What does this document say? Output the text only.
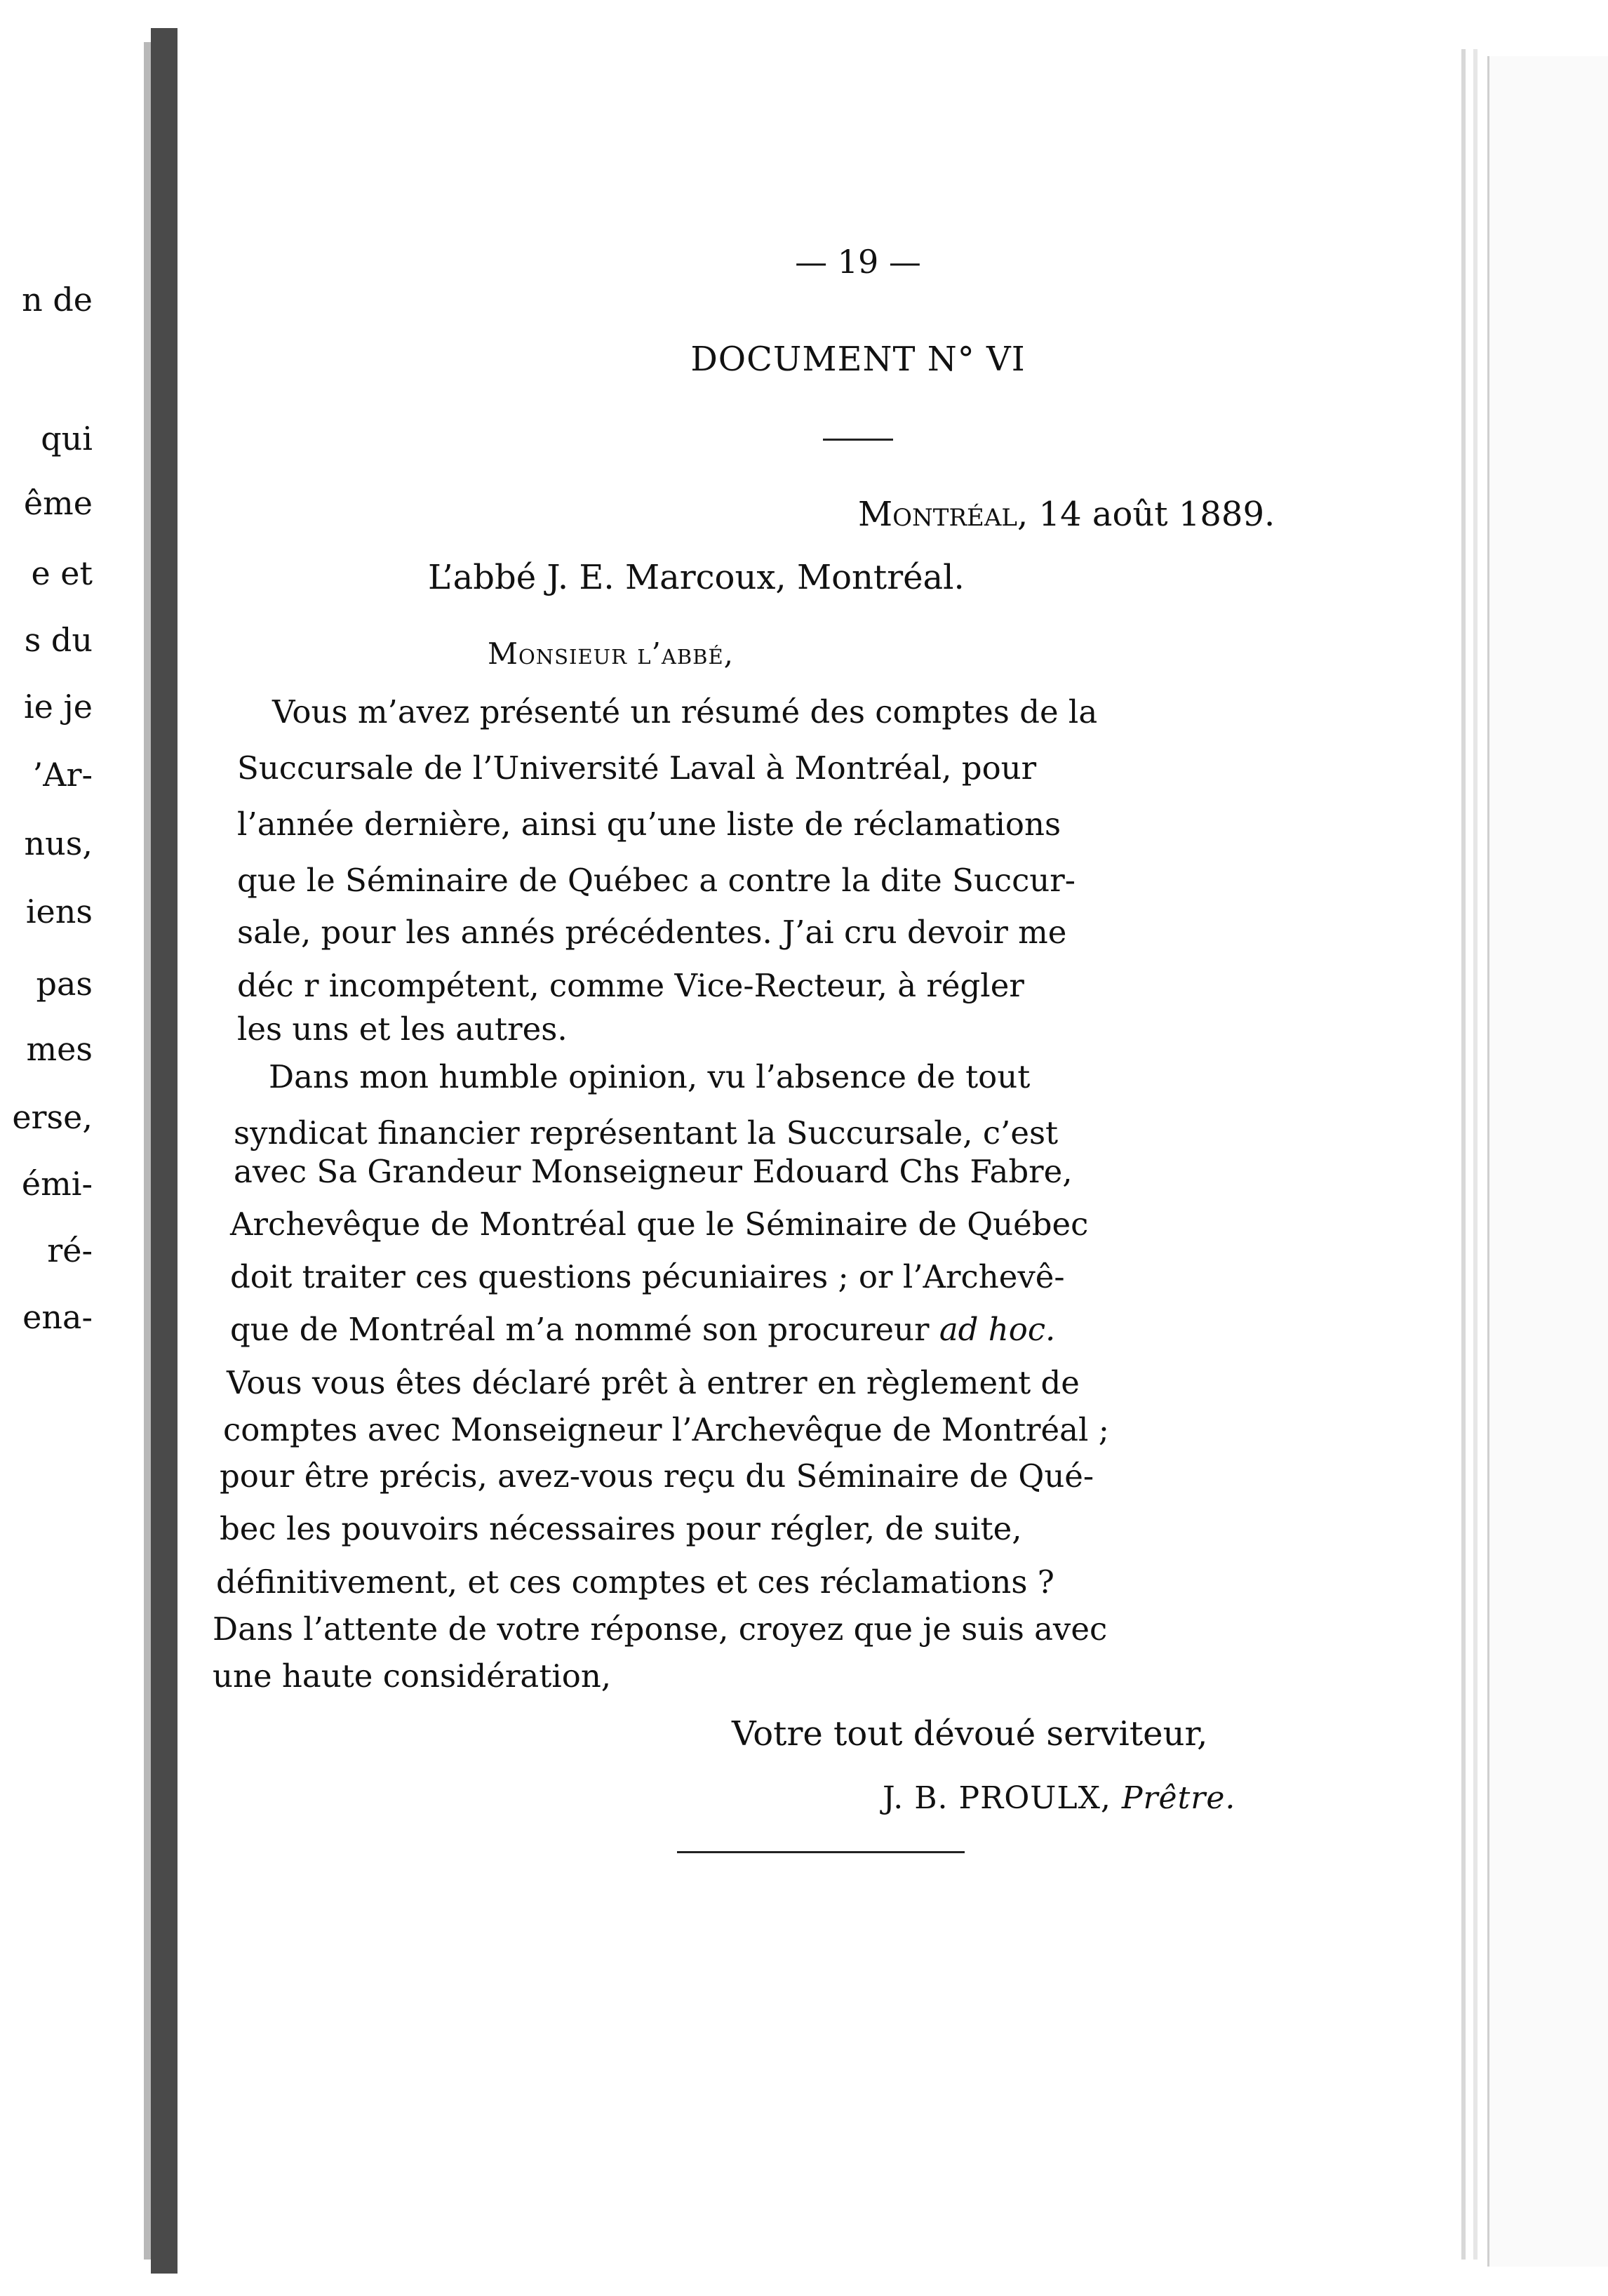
n de
qui
ême
e et
s du
ie je
’Ar-
nus,
iens
pas
mes
erse,
émi-
ré-
ena-
— 19 —
DOCUMENT N° VI
Montréal, 14 août 1889.
L’abbé J. E. Marcoux, Montréal.
Monsieur l’abbé,
Vous m’avez présenté un résumé des comptes de la
Succursale de l’Université Laval à Montréal, pour
l’année dernière, ainsi qu’une liste de réclamations
que le Séminaire de Québec a contre la dite Succur-
sale, pour les annés précédentes. J’ai cru devoir me
déc r incompétent, comme Vice-Recteur, à régler
les uns et les autres.
Dans mon humble opinion, vu l’absence de tout
syndicat financier représentant la Succursale, c’est
avec Sa Grandeur Monseigneur Edouard Chs Fabre,
Archevêque de Montréal que le Séminaire de Québec
doit traiter ces questions pécuniaires ; or l’Archevê-
que de Montréal m’a nommé son procureur ad hoc.
Vous vous êtes déclaré prêt à entrer en règlement de
comptes avec Monseigneur l’Archevêque de Montréal ;
pour être précis, avez-vous reçu du Séminaire de Qué-
bec les pouvoirs nécessaires pour régler, de suite,
définitivement, et ces comptes et ces réclamations ?
Dans l’attente de votre réponse, croyez que je suis avec
une haute considération,
Votre tout dévoué serviteur,
J. B. PROULX, Prêtre.
